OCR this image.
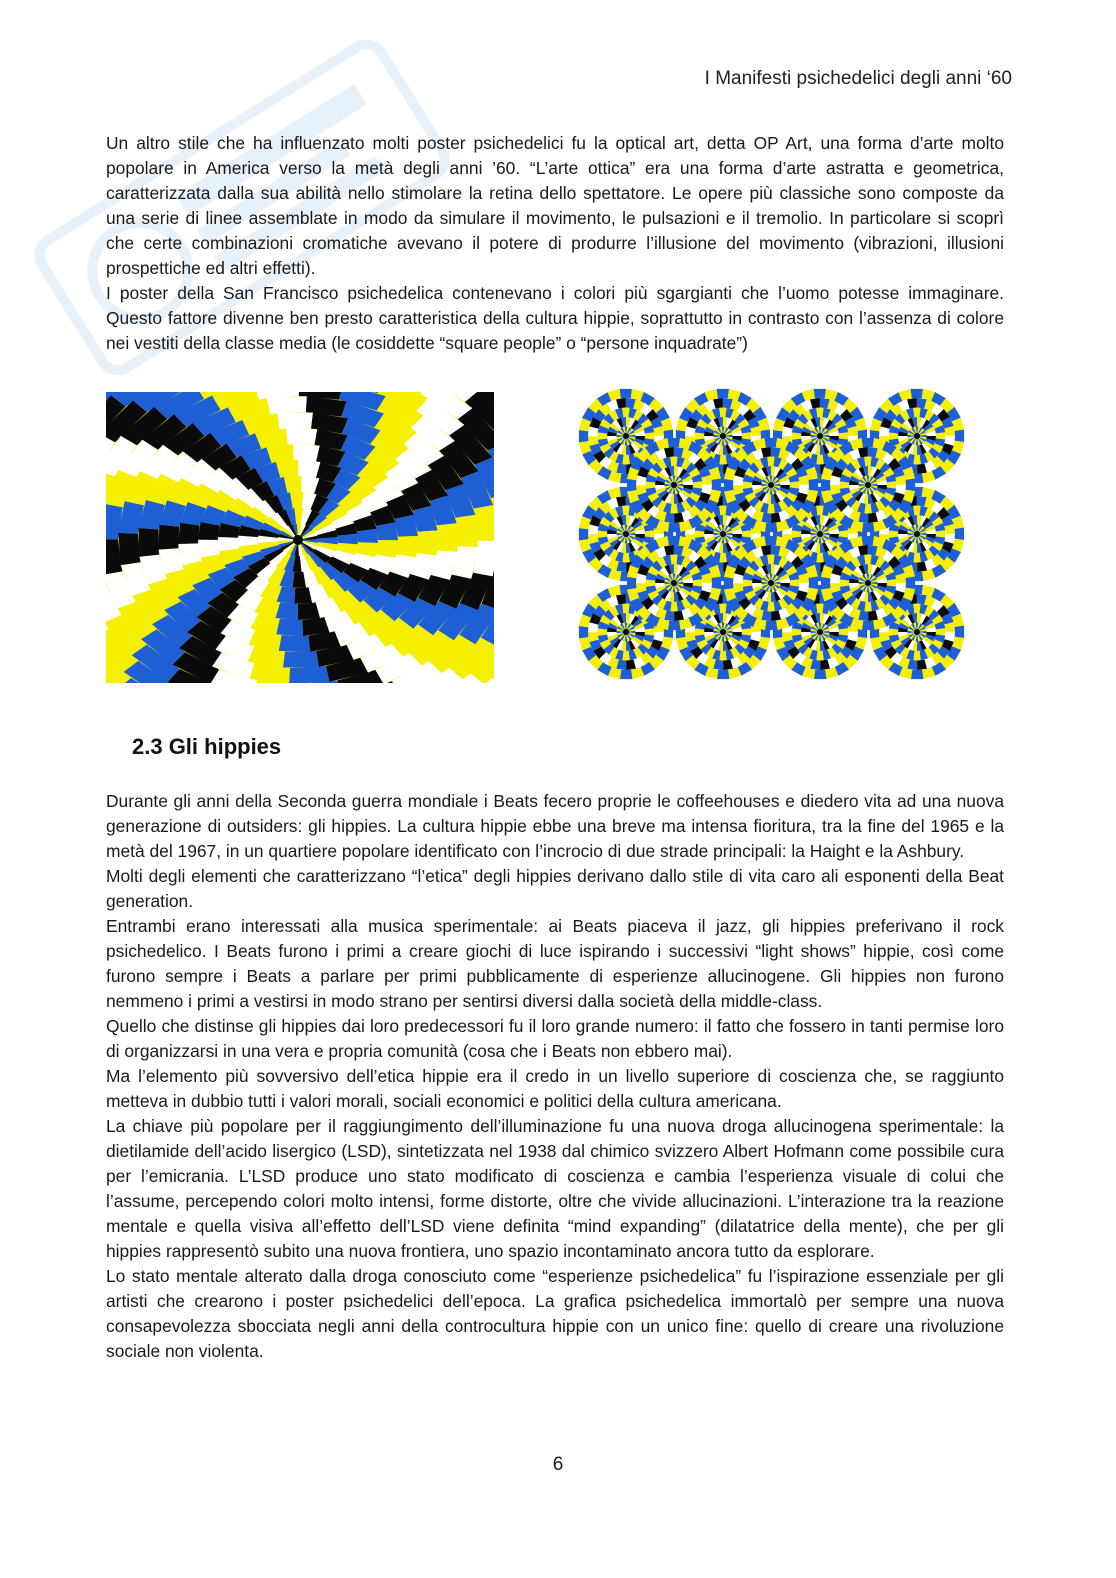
I Manifesti psichedelici degli anni ‘60

Un altro stile che ha influenzato molti poster psichedelici fu la optical art, detta OP Art, una forma d’arte molto popolare in America verso la metà degli anni ’60. “L’arte ottica” era una forma d’arte astratta e geometrica, caratterizzata dalla sua abilità nello stimolare la retina dello spettatore. Le opere più classiche sono composte da una serie di linee assemblate in modo da simulare il movimento, le pulsazioni e il tremolio. In particolare si scoprì che certe combinazioni cromatiche avevano il potere di produrre l’illusione del movimento (vibrazioni, illusioni prospettiche ed altri effetti).

I poster della San Francisco psichedelica contenevano i colori più sgargianti che l’uomo potesse immaginare. Questo fattore divenne ben presto caratteristica della cultura hippie, soprattutto in contrasto con l’assenza di colore nei vestiti della classe media (le cosiddette “square people” o “persone inquadrate”)

2.3 Gli hippies

Durante gli anni della Seconda guerra mondiale i Beats fecero proprie le coffeehouses e diedero vita ad una nuova generazione di outsiders: gli hippies. La cultura hippie ebbe una breve ma intensa fioritura, tra la fine del 1965 e la metà del 1967, in un quartiere popolare identificato con l’incrocio di due strade principali: la Haight e la Ashbury.

Molti degli elementi che caratterizzano “l’etica” degli hippies derivano dallo stile di vita caro ali esponenti della Beat generation.

Entrambi erano interessati alla musica sperimentale: ai Beats piaceva il jazz, gli hippies preferivano il rock psichedelico. I Beats furono i primi a creare giochi di luce ispirando i successivi “light shows” hippie, così come furono sempre i Beats a parlare per primi pubblicamente di esperienze allucinogene. Gli hippies non furono nemmeno i primi a vestirsi in modo strano per sentirsi diversi dalla società della middle-class.

Quello che distinse gli hippies dai loro predecessori fu il loro grande numero: il fatto che fossero in tanti permise loro di organizzarsi in una vera e propria comunità (cosa che i Beats non ebbero mai).

Ma l’elemento più sovversivo dell’etica hippie era il credo in un livello superiore di coscienza che, se raggiunto metteva in dubbio tutti i valori morali, sociali economici e politici della cultura americana.

La chiave più popolare per il raggiungimento dell’illuminazione fu una nuova droga allucinogena sperimentale: la dietilamide dell’acido lisergico (LSD), sintetizzata nel 1938 dal chimico svizzero Albert Hofmann come possibile cura per l’emicrania. L’LSD produce uno stato modificato di coscienza e cambia l’esperienza visuale di colui che l’assume, percependo colori molto intensi, forme distorte, oltre che vivide allucinazioni. L’interazione tra la reazione mentale e quella visiva all’effetto dell’LSD viene definita “mind expanding” (dilatatrice della mente), che per gli hippies rappresentò subito una nuova frontiera, uno spazio incontaminato ancora tutto da esplorare.

Lo stato mentale alterato dalla droga conosciuto come “esperienze psichedelica” fu l’ispirazione essenziale per gli artisti che crearono i poster psichedelici dell’epoca. La grafica psichedelica immortalò per sempre una nuova consapevolezza sbocciata negli anni della controcultura hippie con un unico fine: quello di creare una rivoluzione sociale non violenta.

6
